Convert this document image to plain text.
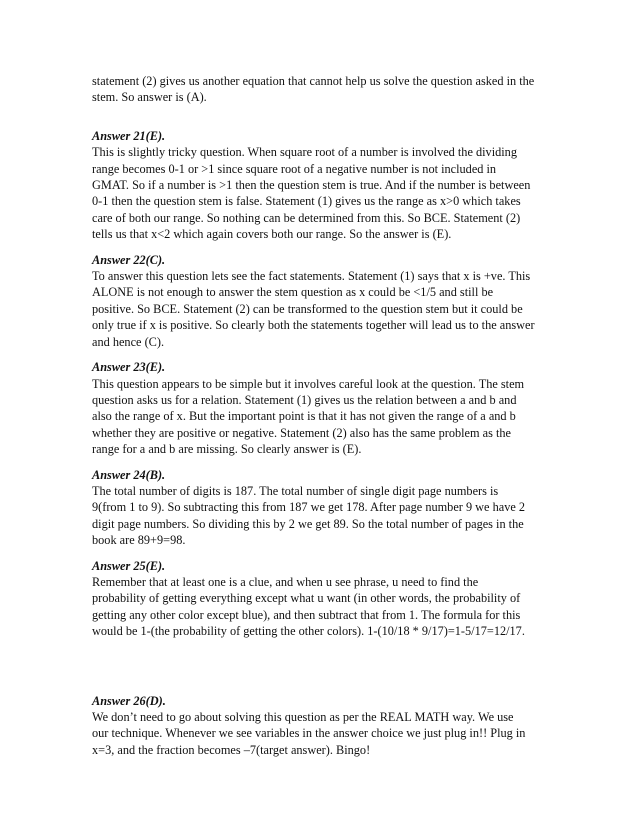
statement (2) gives us another equation that cannot help us solve the question asked in the
stem. So answer is (A).
Answer 21(E).
This is slightly tricky question. When square root of a number is involved the dividing
range becomes 0-1 or >1 since square root of a negative number is not included in
GMAT. So if a number is >1 then the question stem is true. And if the number is between
0-1 then the question stem is false. Statement (1) gives us the range as x>0 which takes
care of both our range. So nothing can be determined from this. So BCE. Statement (2)
tells us that x<2 which again covers both our range. So the answer is (E).
Answer 22(C).
To answer this question lets see the fact statements. Statement (1) says that x is +ve. This
ALONE is not enough to answer the stem question as x could be <1/5 and still be
positive. So BCE. Statement (2) can be transformed to the question stem but it could be
only true if x is positive. So clearly both the statements together will lead us to the answer
and hence (C).
Answer 23(E).
This question appears to be simple but it involves careful look at the question. The stem
question asks us for a relation. Statement (1) gives us the relation between a and b and
also the range of x. But the important point is that it has not given the range of a and b
whether they are positive or negative. Statement (2) also has the same problem as the
range for a and b are missing. So clearly answer is (E).
Answer 24(B).
The total number of digits is 187. The total number of single digit page numbers is
9(from 1 to 9). So subtracting this from 187 we get 178. After page number 9 we have 2
digit page numbers. So dividing this by 2 we get 89. So the total number of pages in the
book are 89+9=98.
Answer 25(E).
Remember that at least one is a clue, and when u see phrase, u need to find the
probability of getting everything except what u want (in other words, the probability of
getting any other color except blue), and then subtract that from 1. The formula for this
would be 1-(the probability of getting the other colors). 1-(10/18 * 9/17)=1-5/17=12/17.
Answer 26(D).
We don’t need to go about solving this question as per the REAL MATH way. We use
our technique. Whenever we see variables in the answer choice we just plug in!! Plug in
x=3, and the fraction becomes –7(target answer). Bingo!
